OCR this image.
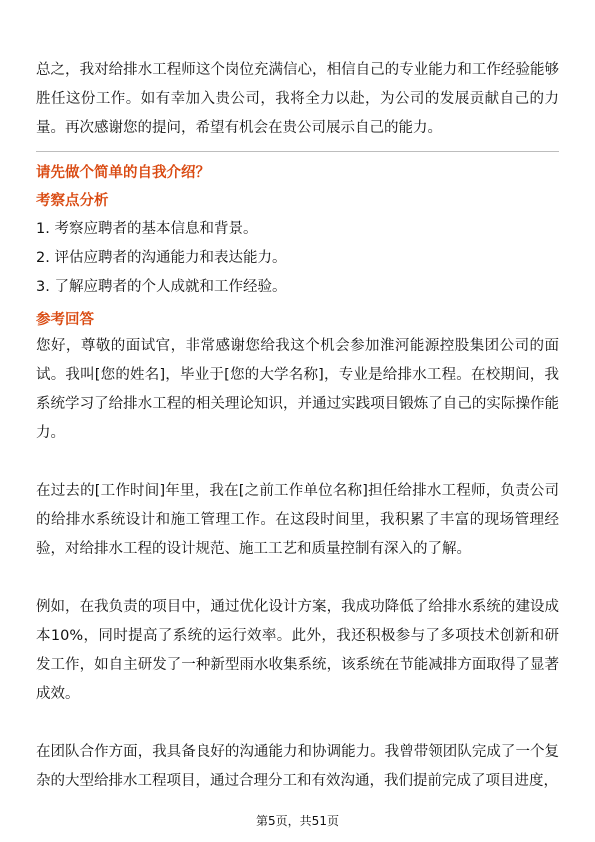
总之，我对给排水工程师这个岗位充满信心，相信自己的专业能力和工作经验能够胜任这份工作。如有幸加入贵公司，我将全力以赴，为公司的发展贡献自己的力量。再次感谢您的提问，希望有机会在贵公司展示自己的能力。

请先做个简单的自我介绍？

考察点分析

1. 考察应聘者的基本信息和背景。

2. 评估应聘者的沟通能力和表达能力。

3. 了解应聘者的个人成就和工作经验。

参考回答

您好，尊敬的面试官，非常感谢您给我这个机会参加淮河能源控股集团公司的面试。我叫[您的姓名]，毕业于[您的大学名称]，专业是给排水工程。在校期间，我系统学习了给排水工程的相关理论知识，并通过实践项目锻炼了自己的实际操作能力。

在过去的[工作时间]年里，我在[之前工作单位名称]担任给排水工程师，负责公司的给排水系统设计和施工管理工作。在这段时间里，我积累了丰富的现场管理经验，对给排水工程的设计规范、施工工艺和质量控制有深入的了解。

例如，在我负责的项目中，通过优化设计方案，我成功降低了给排水系统的建设成本10%，同时提高了系统的运行效率。此外，我还积极参与了多项技术创新和研发工作，如自主研发了一种新型雨水收集系统，该系统在节能减排方面取得了显著成效。

在团队合作方面，我具备良好的沟通能力和协调能力。我曾带领团队完成了一个复杂的大型给排水工程项目，通过合理分工和有效沟通，我们提前完成了项目进度，

第5页，共51页
